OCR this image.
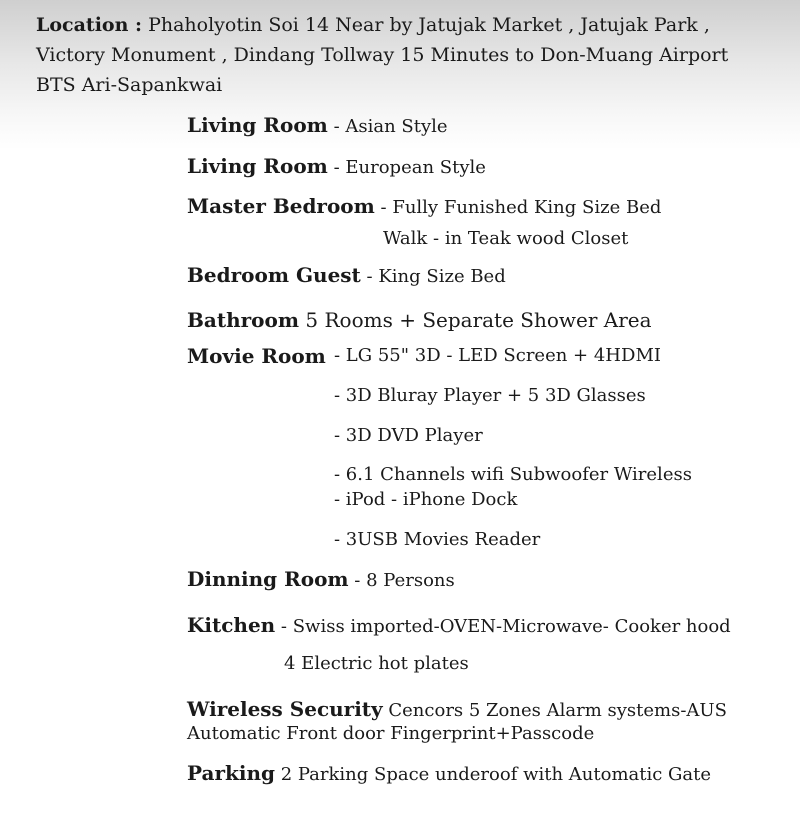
Location : Phaholyotin Soi 14 Near by Jatujak Market , Jatujak Park ,
Victory Monument , Dindang Tollway 15 Minutes to Don-Muang Airport
BTS Ari-Sapankwai
Living Room - Asian Style
Living Room - European Style
Master Bedroom - Fully Funished King Size Bed
Walk - in Teak wood Closet
Bedroom Guest - King Size Bed
Bathroom 5 Rooms + Separate Shower Area
Movie Room - LG 55" 3D - LED Screen + 4HDMI
- 3D Bluray Player + 5 3D Glasses
- 3D DVD Player
- 6.1 Channels wifi Subwoofer Wireless
- iPod - iPhone Dock
- 3USB Movies Reader
Dinning Room - 8 Persons
Kitchen - Swiss imported-OVEN-Microwave- Cooker hood
4 Electric hot plates
Wireless Security Cencors 5 Zones Alarm systems-AUS
Automatic Front door Fingerprint+Passcode
Parking 2 Parking Space underoof with Automatic Gate
